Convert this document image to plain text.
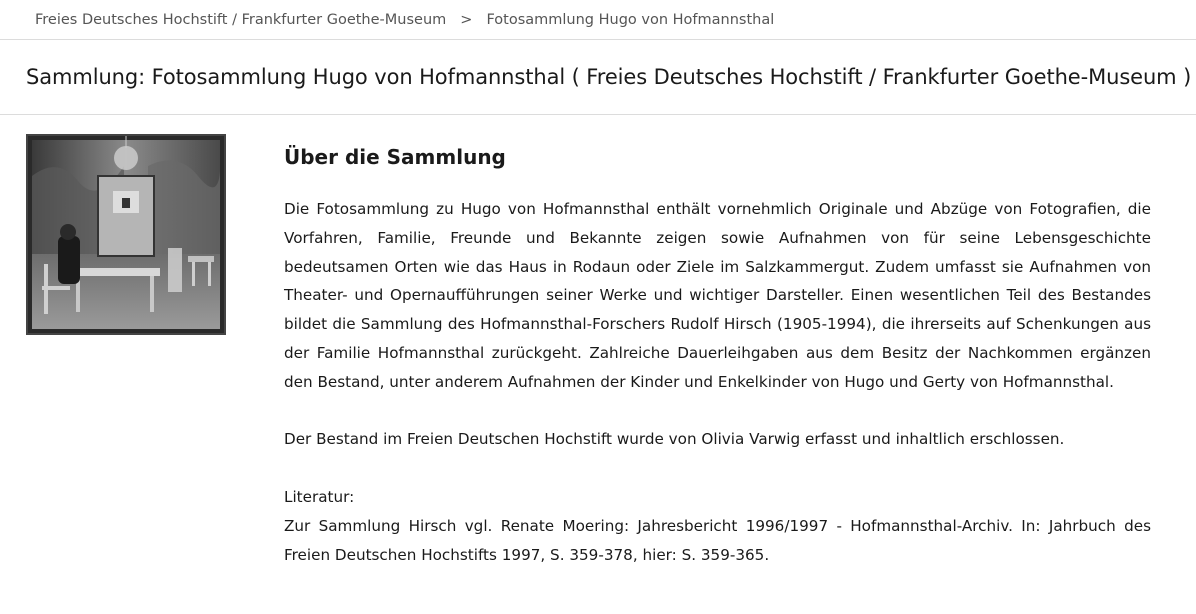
Freies Deutsches Hochstift / Frankfurter Goethe-Museum > Fotosammlung Hugo von Hofmannsthal
Sammlung: Fotosammlung Hugo von Hofmannsthal ( Freies Deutsches Hochstift / Frankfurter Goethe-Museum )
Über die Sammlung

Die Fotosammlung zu Hugo von Hofmannsthal enthält vornehmlich Originale und Abzüge von Fotografien, die Vorfahren, Familie, Freunde und Bekannte zeigen sowie Aufnahmen von für seine Lebensgeschichte bedeutsamen Orten wie das Haus in Rodaun oder Ziele im Salzkammergut. Zudem umfasst sie Aufnahmen von Theater- und Opernaufführungen seiner Werke und wichtiger Darsteller. Einen wesentlichen Teil des Bestandes bildet die Sammlung des Hofmannsthal-Forschers Rudolf Hirsch (1905-1994), die ihrerseits auf Schenkungen aus der Familie Hofmannsthal zurückgeht. Zahlreiche Dauerleihgaben aus dem Besitz der Nachkommen ergänzen den Bestand, unter anderem Aufnahmen der Kinder und Enkelkinder von Hugo und Gerty von Hofmannsthal.

Der Bestand im Freien Deutschen Hochstift wurde von Olivia Varwig erfasst und inhaltlich erschlossen.

Literatur:

Zur Sammlung Hirsch vgl. Renate Moering: Jahresbericht 1996/1997 - Hofmannsthal-Archiv. In: Jahrbuch des Freien Deutschen Hochstifts 1997, S. 359-378, hier: S. 359-365.
